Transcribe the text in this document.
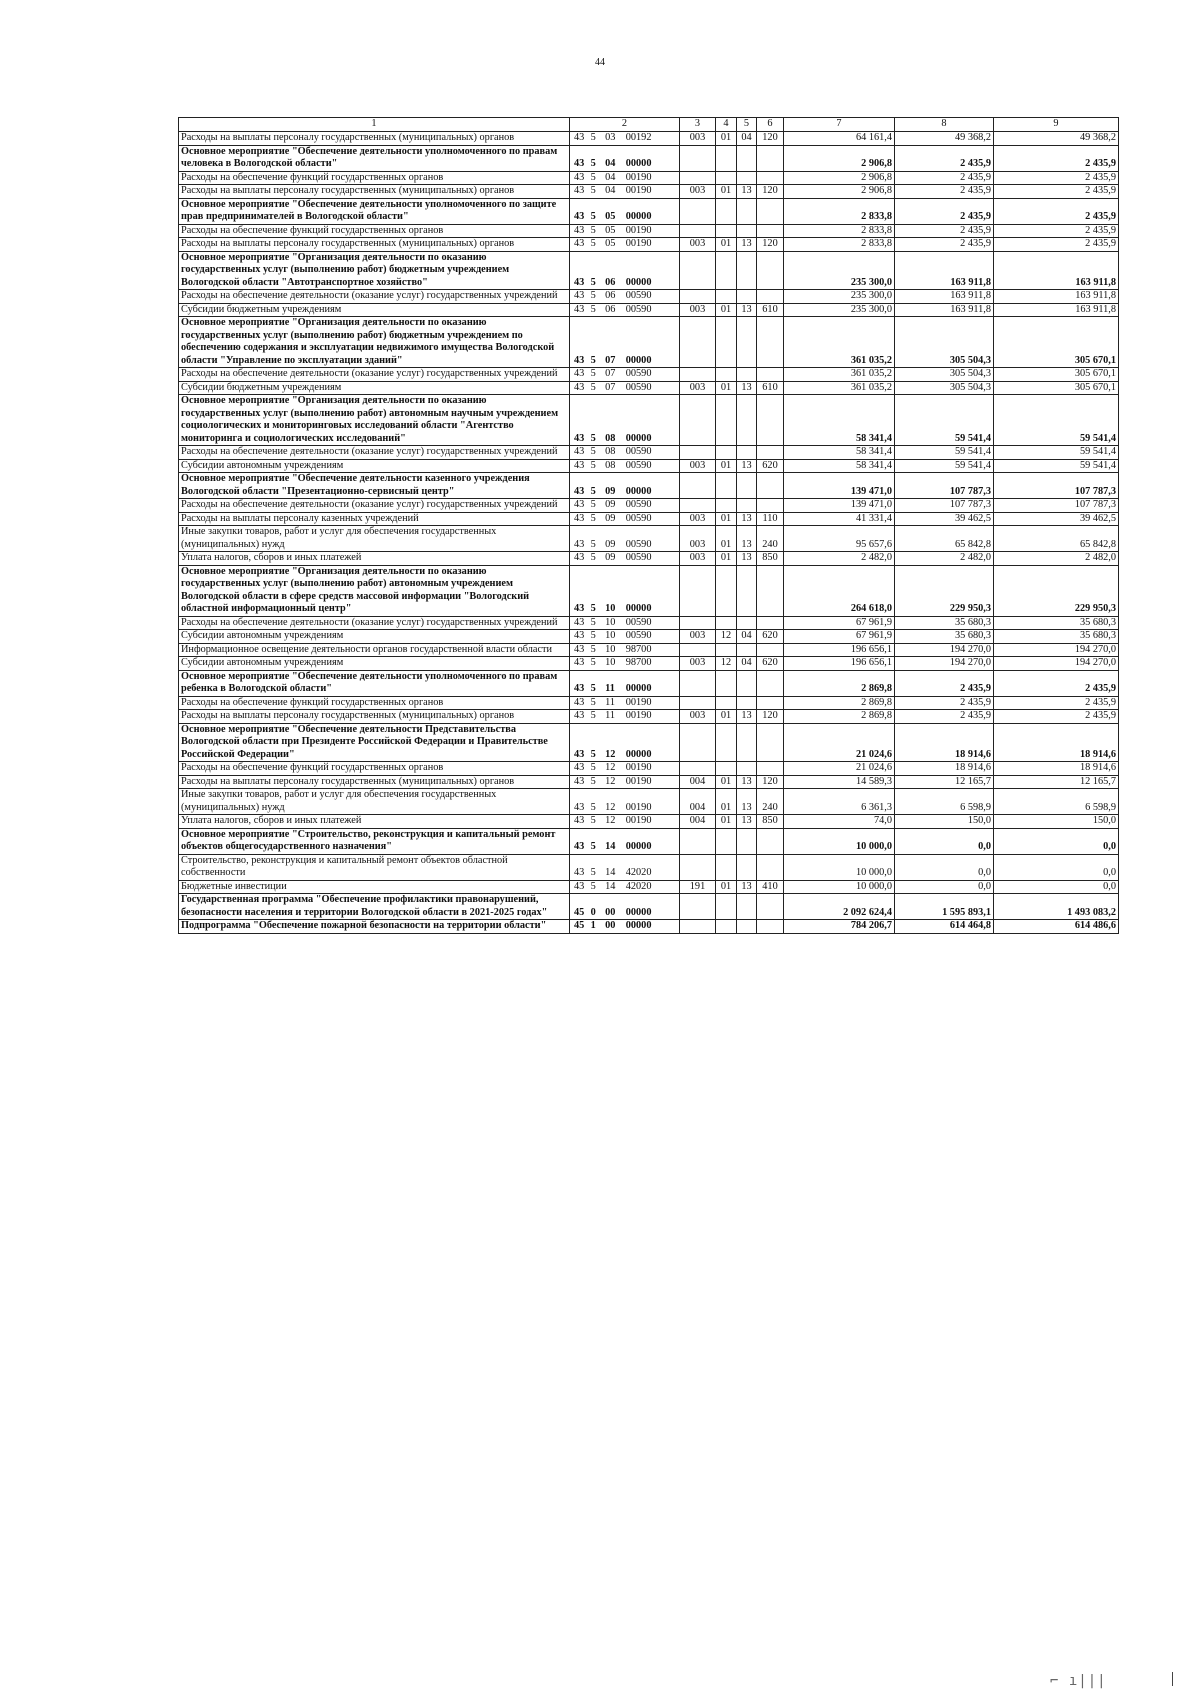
44
1	2	3	4	5	6	7	8	9
Расходы на выплаты персоналу государственных (муниципальных) органов	43 5 03 00192	003	01	04	120	64 161,4	49 368,2	49 368,2
Основное мероприятие "Обеспечение деятельности уполномоченного по правам человека в Вологодской области"	43 5 04 00000					2 906,8	2 435,9	2 435,9
Расходы на обеспечение функций государственных органов	43 5 04 00190					2 906,8	2 435,9	2 435,9
Расходы на выплаты персоналу государственных (муниципальных) органов	43 5 04 00190	003	01	13	120	2 906,8	2 435,9	2 435,9
Основное мероприятие "Обеспечение деятельности уполномоченного по защите прав предпринимателей в Вологодской области"	43 5 05 00000					2 833,8	2 435,9	2 435,9
Расходы на обеспечение функций государственных органов	43 5 05 00190					2 833,8	2 435,9	2 435,9
Расходы на выплаты персоналу государственных (муниципальных) органов	43 5 05 00190	003	01	13	120	2 833,8	2 435,9	2 435,9
Основное мероприятие "Организация деятельности по оказанию государственных услуг (выполнению работ) бюджетным учреждением Вологодской области "Автотранспортное хозяйство"	43 5 06 00000					235 300,0	163 911,8	163 911,8
Расходы на обеспечение деятельности (оказание услуг) государственных учреждений	43 5 06 00590					235 300,0	163 911,8	163 911,8
Субсидии бюджетным учреждениям	43 5 06 00590	003	01	13	610	235 300,0	163 911,8	163 911,8
Основное мероприятие "Организация деятельности по оказанию государственных услуг (выполнению работ) бюджетным учреждением по обеспечению содержания и эксплуатации недвижимого имущества Вологодской области "Управление по эксплуатации зданий"	43 5 07 00000					361 035,2	305 504,3	305 670,1
Расходы на обеспечение деятельности (оказание услуг) государственных учреждений	43 5 07 00590					361 035,2	305 504,3	305 670,1
Субсидии бюджетным учреждениям	43 5 07 00590	003	01	13	610	361 035,2	305 504,3	305 670,1
Основное мероприятие "Организация деятельности по оказанию государственных услуг (выполнению работ) автономным научным учреждением социологических и мониторинговых исследований области "Агентство мониторинга и социологических исследований"	43 5 08 00000					58 341,4	59 541,4	59 541,4
Расходы на обеспечение деятельности (оказание услуг) государственных учреждений	43 5 08 00590					58 341,4	59 541,4	59 541,4
Субсидии автономным учреждениям	43 5 08 00590	003	01	13	620	58 341,4	59 541,4	59 541,4
Основное мероприятие "Обеспечение деятельности казенного учреждения Вологодской области "Презентационно-сервисный центр"	43 5 09 00000					139 471,0	107 787,3	107 787,3
Расходы на обеспечение деятельности (оказание услуг) государственных учреждений	43 5 09 00590					139 471,0	107 787,3	107 787,3
Расходы на выплаты персоналу казенных учреждений	43 5 09 00590	003	01	13	110	41 331,4	39 462,5	39 462,5
Иные закупки товаров, работ и услуг для обеспечения государственных (муниципальных) нужд	43 5 09 00590	003	01	13	240	95 657,6	65 842,8	65 842,8
Уплата налогов, сборов и иных платежей	43 5 09 00590	003	01	13	850	2 482,0	2 482,0	2 482,0
Основное мероприятие "Организация деятельности по оказанию государственных услуг (выполнению работ) автономным учреждением Вологодской области в сфере средств массовой информации "Вологодский областной информационный центр"	43 5 10 00000					264 618,0	229 950,3	229 950,3
Расходы на обеспечение деятельности (оказание услуг) государственных учреждений	43 5 10 00590					67 961,9	35 680,3	35 680,3
Субсидии автономным учреждениям	43 5 10 00590	003	12	04	620	67 961,9	35 680,3	35 680,3
Информационное освещение деятельности органов государственной власти области	43 5 10 98700					196 656,1	194 270,0	194 270,0
Субсидии автономным учреждениям	43 5 10 98700	003	12	04	620	196 656,1	194 270,0	194 270,0
Основное мероприятие "Обеспечение деятельности уполномоченного по правам ребенка в Вологодской области"	43 5 11 00000					2 869,8	2 435,9	2 435,9
Расходы на обеспечение функций государственных органов	43 5 11 00190					2 869,8	2 435,9	2 435,9
Расходы на выплаты персоналу государственных (муниципальных) органов	43 5 11 00190	003	01	13	120	2 869,8	2 435,9	2 435,9
Основное мероприятие "Обеспечение деятельности Представительства Вологодской области при Президенте Российской Федерации и Правительстве Российской Федерации"	43 5 12 00000					21 024,6	18 914,6	18 914,6
Расходы на обеспечение функций государственных органов	43 5 12 00190					21 024,6	18 914,6	18 914,6
Расходы на выплаты персоналу государственных (муниципальных) органов	43 5 12 00190	004	01	13	120	14 589,3	12 165,7	12 165,7
Иные закупки товаров, работ и услуг для обеспечения государственных (муниципальных) нужд	43 5 12 00190	004	01	13	240	6 361,3	6 598,9	6 598,9
Уплата налогов, сборов и иных платежей	43 5 12 00190	004	01	13	850	74,0	150,0	150,0
Основное мероприятие "Строительство, реконструкция и капитальный ремонт объектов общегосударственного назначения"	43 5 14 00000					10 000,0	0,0	0,0
Строительство, реконструкция и капитальный ремонт объектов областной собственности	43 5 14 42020					10 000,0	0,0	0,0
Бюджетные инвестиции	43 5 14 42020	191	01	13	410	10 000,0	0,0	0,0
Государственная программа "Обеспечение профилактики правонарушений, безопасности населения и территории Вологодской области в 2021-2025 годах"	45 0 00 00000					2 092 624,4	1 595 893,1	1 493 083,2
Подпрограмма "Обеспечение пожарной безопасности на территории области"	45 1 00 00000					784 206,7	614 464,8	614 486,6
⌐ ı|||
